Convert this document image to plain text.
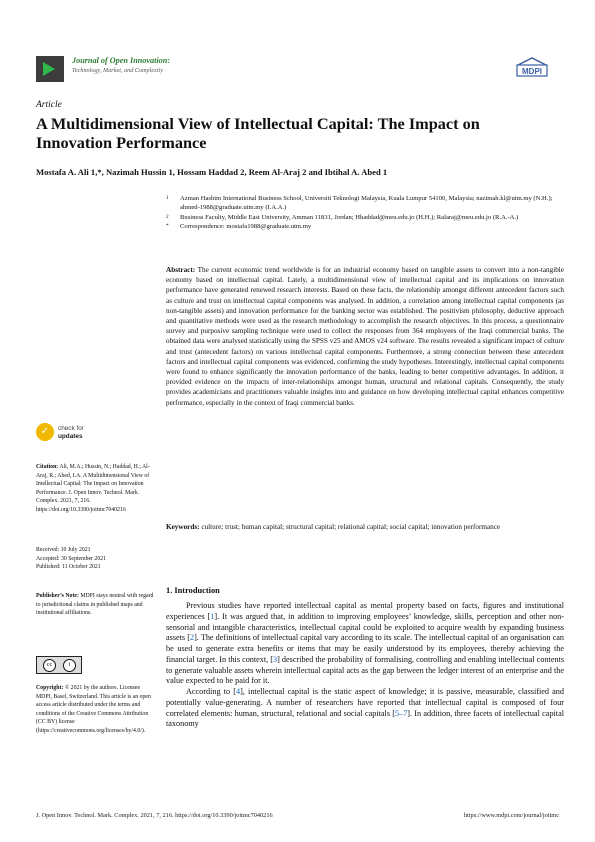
Journal of Open Innovation:
Technology, Market, and Complexity	MDPI
Article
A Multidimensional View of Intellectual Capital: The Impact on Innovation Performance
Mostafa A. Ali 1,*, Nazimah Hussin 1, Hossam Haddad 2, Reem Al-Araj 2 and Ibtihal A. Abed 1
1 Azman Hashim International Business School, Universiti Teknologi Malaysia, Kuala Lumpur 54100, Malaysia; nazimah.kl@utm.my (N.H.); ahmed-1988@graduate.utm.my (I.A.A.)
2 Business Faculty, Middle East University, Amman 11831, Jordan; Hhaddad@meu.edu.jo (H.H.); Ralaraj@meu.edu.jo (R.A.-A.)
* Correspondence: mostafa1988@graduate.utm.my
Abstract: The current economic trend worldwide is for an industrial economy based on tangible assets to convert into a non-tangible economy based on intellectual capital. Lately, a multidimensional view of intellectual capital and its implications on innovation performance have generated renewed research interests. Based on these facts, the relationship amongst different antecedent factors such as culture and trust on intellectual capital components was analysed. In addition, a correlation among intellectual capital components (as non-tangible assets) and innovation performance for the banking sector was established. The positivism philosophy, deductive approach and quantitative methods were used as the research methodology to accomplish the research objectives. In this process, a questionnaire survey and purposive sampling technique were used to collect the responses from 364 employees of the Iraqi commercial banks. The obtained data were analysed statistically using the SPSS v25 and AMOS v24 software. The results revealed a significant impact of culture and trust (antecedent factors) on various intellectual capital components. Furthermore, a strong connection between these antecedent factors and intellectual capital components was evidenced, confirming the study hypotheses. Interestingly, intellectual capital components were found to enhance significantly the innovation performance of the banks, leading to better competitive advantages. In addition, it provided evidence on the impacts of inter-relationships amongst human, structural and relational capitals. Consequently, the study provides academicians and practitioners valuable insights into and guidance on how developing intellectual capital enhances competitive performance, especially in the context of Iraqi commercial banks.
Keywords: culture; trust; human capital; structural capital; relational capital; social capital; innovation performance
✓	check for
updates
Citation: Ali, M.A.; Hussin, N.; Haddad, H.; Al-Araj, R.; Abed, I.A. A Multidimensional View of Intellectual Capital: The Impact on Innovation Performance. J. Open Innov. Technol. Mark. Complex. 2021, 7, 216. https://doi.org/10.3390/joitmc7040216
Received: 10 July 2021
Accepted: 30 September 2021
Published: 11 October 2021
Publisher’s Note: MDPI stays neutral with regard to jurisdictional claims in published maps and institutional affiliations.
cc	i
Copyright: © 2021 by the authors. Licensee MDPI, Basel, Switzerland. This article is an open access article distributed under the terms and conditions of the Creative Commons Attribution (CC BY) license (https://creativecommons.org/licenses/by/4.0/).
1. Introduction

Previous studies have reported intellectual capital as mental property based on facts, figures and institutional experiences [1]. It was argued that, in addition to improving employees’ knowledge, skills, perception and other non-sensorial and intangible characteristics, intellectual capital could be exploited to acquire wealth by expanding business assets [2]. The definitions of intellectual capital vary according to its scale. The intellectual capital of an organisation can be used to generate extra benefits or items that may be easily understood by its employees, thereby achieving the financial target. In this context, [3] described the probability of formalising, controlling and enabling intellectual contents to generate valuable assets wherein intellectual capital acts as the gap between the ledger interest of an enterprise and the value expected to be paid for it.

According to [4], intellectual capital is the static aspect of knowledge; it is passive, measurable, classified and potentially value-generating. A number of researchers have reported that intellectual capital is composed of four correlated elements: human, structural, relational and social capitals [5–7]. In addition, three facets of intellectual capital taxonomy

J. Open Innov. Technol. Mark. Complex. 2021, 7, 216. https://doi.org/10.3390/joitmc7040216	https://www.mdpi.com/journal/joitmc
